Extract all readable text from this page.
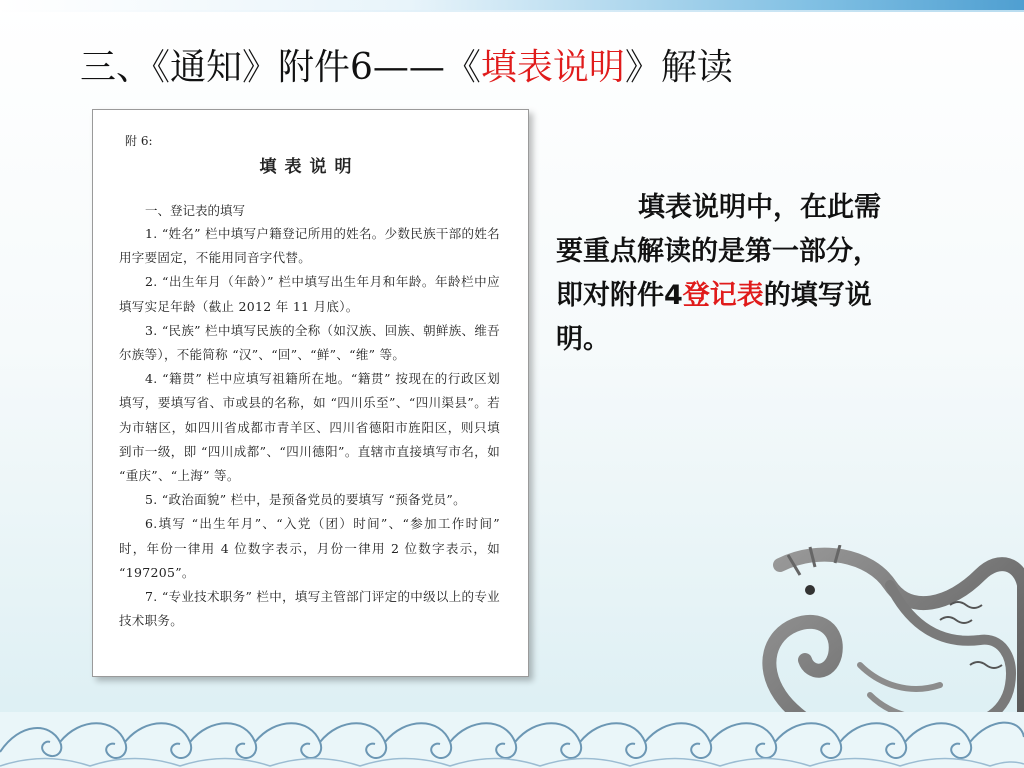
三、《通知》附件6——《填表说明》解读
附 6:
填表说明
一、登记表的填写

1. “姓名” 栏中填写户籍登记所用的姓名。少数民族干部的姓名用字要固定，不能用同音字代替。

2. “出生年月（年龄）” 栏中填写出生年月和年龄。年龄栏中应填写实足年龄（截止 2012 年 11 月底）。

3. “民族” 栏中填写民族的全称（如汉族、回族、朝鲜族、维吾尔族等），不能简称 “汉”、“回”、“鲜”、“维” 等。

4. “籍贯” 栏中应填写祖籍所在地。“籍贯” 按现在的行政区划填写，要填写省、市或县的名称，如 “四川乐至”、“四川渠县”。若为市辖区，如四川省成都市青羊区、四川省德阳市旌阳区，则只填到市一级，即 “四川成都”、“四川德阳”。直辖市直接填写市名，如 “重庆”、“上海” 等。

5. “政治面貌” 栏中，是预备党员的要填写 “预备党员”。

6.填写 “出生年月”、“入党（团）时间”、“参加工作时间” 时，年份一律用 4 位数字表示，月份一律用 2 位数字表示，如 “197205”。

7. “专业技术职务” 栏中，填写主管部门评定的中级以上的专业技术职务。

填表说明中，在此需要重点解读的是第一部分，即对附件4登记表的填写说明。
